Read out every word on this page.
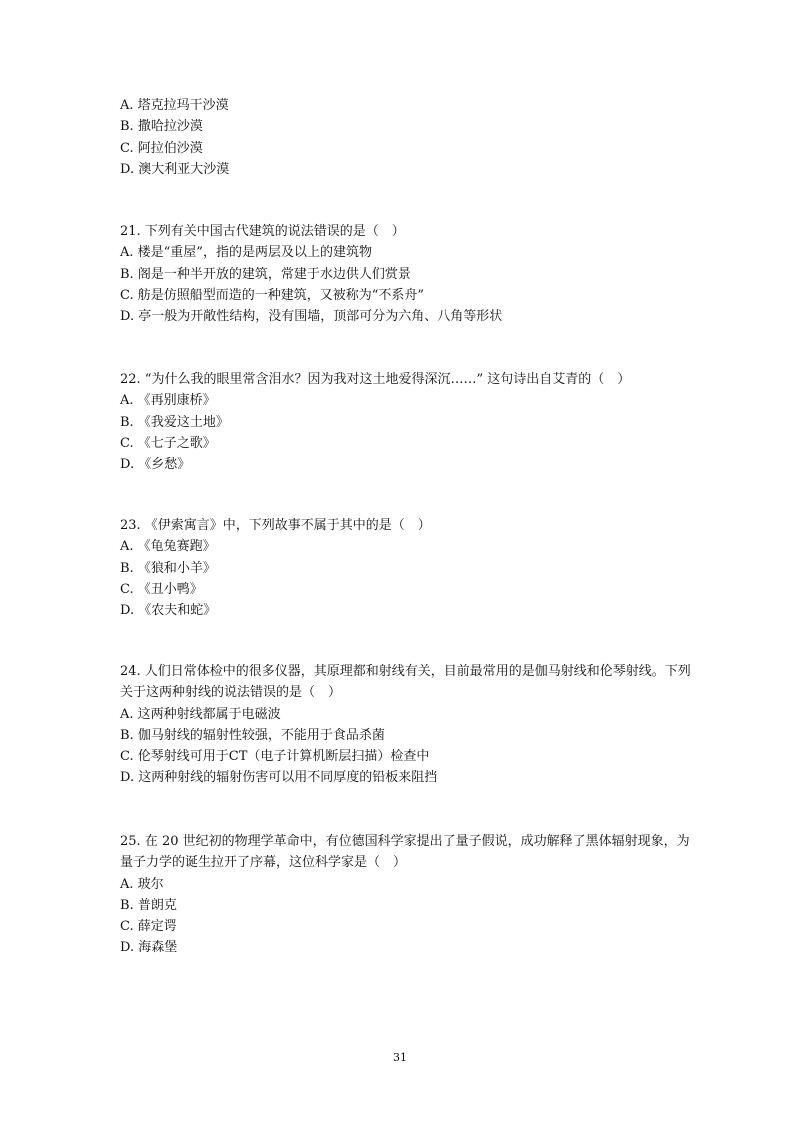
A. 塔克拉玛干沙漠
B. 撒哈拉沙漠
C. 阿拉伯沙漠
D. 澳大利亚大沙漠
21. 下列有关中国古代建筑的说法错误的是（　）
A. 楼是“重屋”，指的是两层及以上的建筑物
B. 阁是一种半开放的建筑，常建于水边供人们赏景
C. 舫是仿照船型而造的一种建筑，又被称为“不系舟”
D. 亭一般为开敞性结构，没有围墙，顶部可分为六角、八角等形状
22. “为什么我的眼里常含泪水？因为我对这土地爱得深沉……” 这句诗出自艾青的（　）
A. 《再别康桥》
B. 《我爱这土地》
C. 《七子之歌》
D. 《乡愁》
23. 《伊索寓言》中，下列故事不属于其中的是（　）
A. 《龟兔赛跑》
B. 《狼和小羊》
C. 《丑小鸭》
D. 《农夫和蛇》
24. 人们日常体检中的很多仪器，其原理都和射线有关，目前最常用的是伽马射线和伦琴射线。下列关于这两种射线的说法错误的是（　）
A. 这两种射线都属于电磁波
B. 伽马射线的辐射性较强，不能用于食品杀菌
C. 伦琴射线可用于CT（电子计算机断层扫描）检查中
D. 这两种射线的辐射伤害可以用不同厚度的铅板来阻挡
25. 在 20 世纪初的物理学革命中，有位德国科学家提出了量子假说，成功解释了黑体辐射现象，为量子力学的诞生拉开了序幕，这位科学家是（　）
A. 玻尔
B. 普朗克
C. 薛定谔
D. 海森堡
31
